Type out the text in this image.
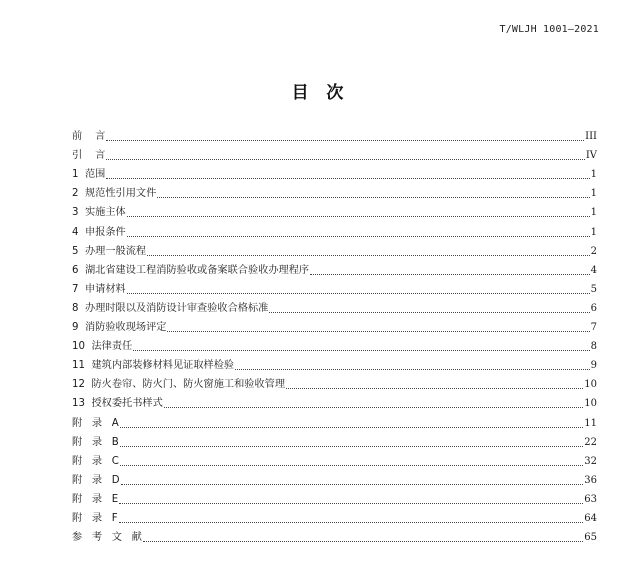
T/WLJH 1001—2021
目  次
前    言	III
引    言	IV
1  范围	1
2  规范性引用文件	1
3  实施主体	1
4  申报条件	1
5  办理一般流程	2
6  湖北省建设工程消防验收或备案联合验收办理程序	4
7  申请材料	5
8  办理时限以及消防设计审查验收合格标准	6
9  消防验收现场评定	7
10  法律责任	8
11  建筑内部装修材料见证取样检验	9
12  防火卷帘、防火门、防火窗施工和验收管理	10
13  授权委托书样式	10
附   录   A	11
附   录   B	22
附   录   C	32
附   录   D	36
附   录   E	63
附   录   F	64
参   考   文   献	65
